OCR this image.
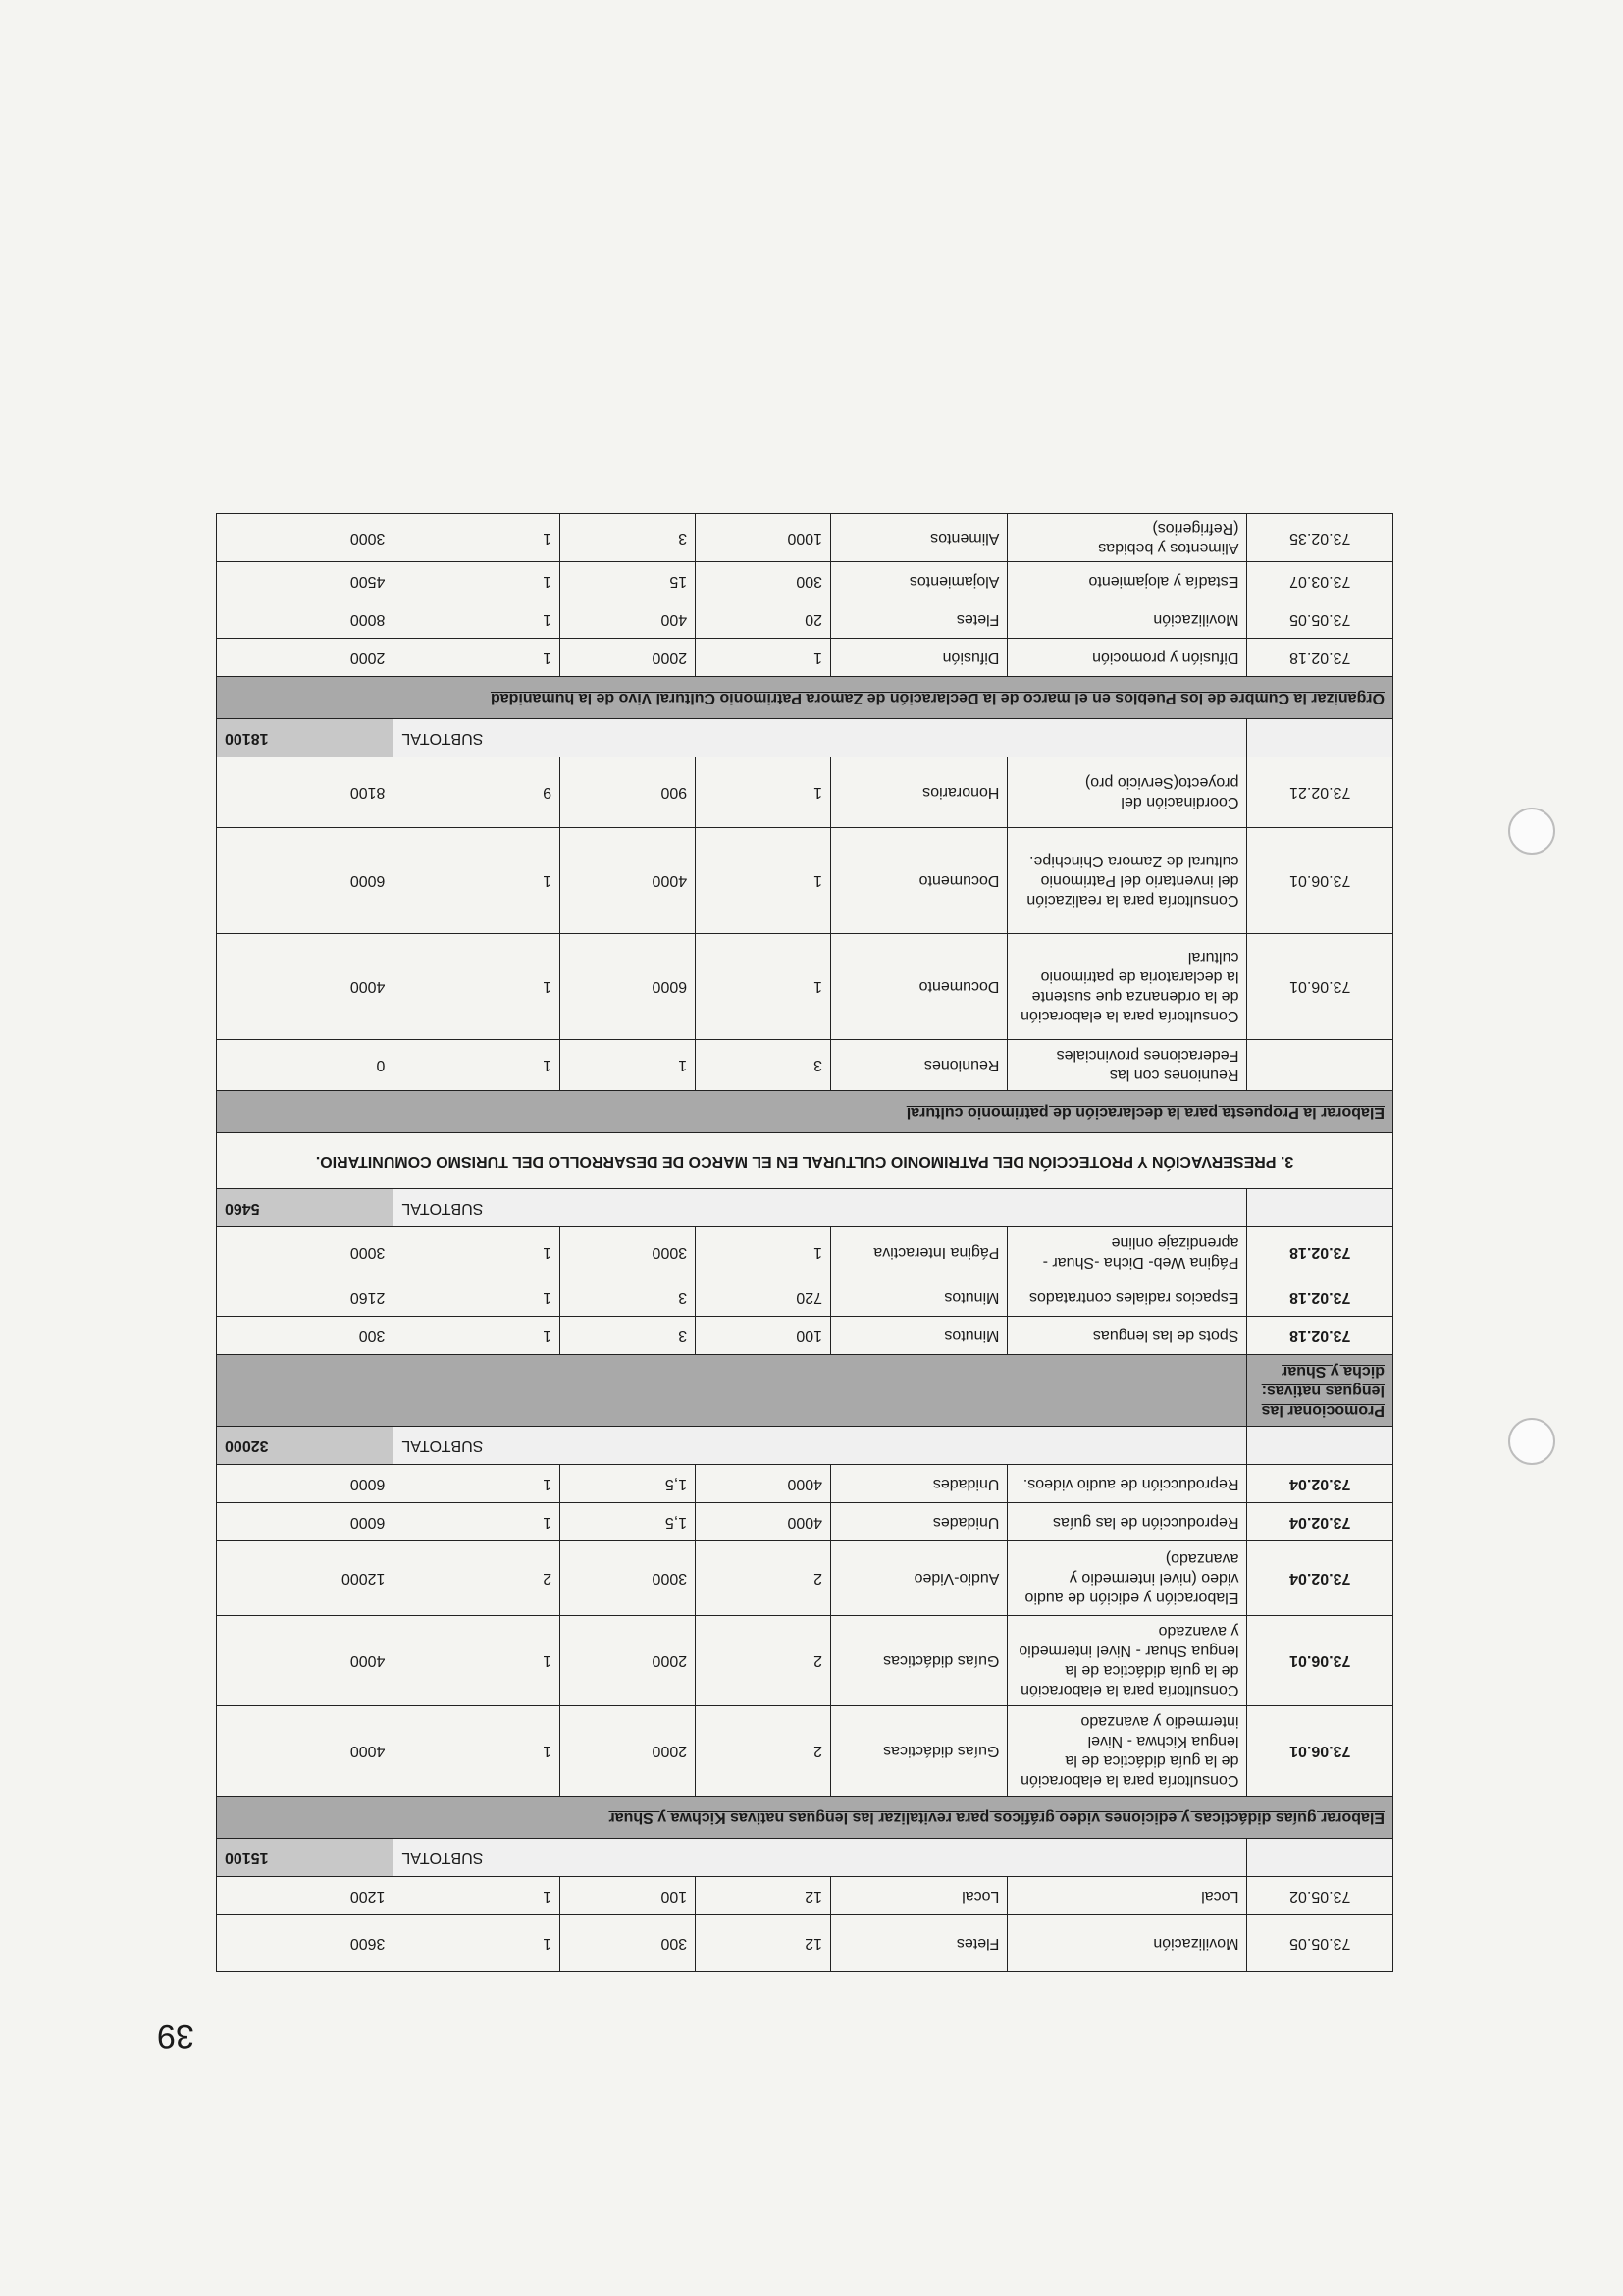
39
73.05.05	Movilización	Fletes	12	300	1	3600
73.05.02	Local	Local	12	100	1	1200
	SUBTOTAL					15100
Elaborar guías didácticas y ediciones video gráficos para revitalizar las lenguas nativas Kichwa y Shuar						
73.06.01	Consultoría para la elaboración de la guía didáctica de la lengua Kichwa - Nivel intermedio y avanzado	Guías didácticas	2	2000	1	4000
73.06.01	Consultoría para la elaboración de la guía didáctica de la lengua Shuar - Nivel intermedio y avanzado	Guías didácticas	2	2000	1	4000
73.02.04	Elaboración y edición de audio video (nivel intermedio y avanzado)	Audio-Video	2	3000	2	12000
73.02.04	Reproducción de las guías	Unidades	4000	1,5	1	6000
73.02.04	Reproducción de audio videos.	Unidades	4000	1,5	1	6000
	SUBTOTAL					32000
Promocionar las lenguas nativas: dicha y Shuar						
73.02.18	Spots de las lenguas	Minutos	100	3	1	300
73.02.18	Espacios radiales contratados	Minutos	720	3	1	2160
73.02.18	Página Web- Dicha -Shuar - aprendizaje online	Página Interactiva	1	3000	1	3000
	SUBTOTAL					5460
3. PRESERVACIÓN Y PROTECCIÓN DEL PATRIMONIO CULTURAL EN EL MARCO DE DESARROLLO DEL TURISMO COMUNITARIO.						
Elaborar la Propuesta para la declaración de patrimonio cultural						
	Reuniones con las Federaciones provinciales	Reuniones	3	1	1	0
73.06.01	Consultoría para la elaboración de la ordenanza que sustente la declaratoria de patrimonio cultural	Documento	1	6000	1	4000
73.06.01	Consultoría para la realización del inventario del Patrimonio cultural de Zamora Chinchipe.	Documento	1	4000	1	6000
73.02.21	Coordinación del proyecto(Servicio pro)	Honorarios	1	900	9	8100
	SUBTOTAL					18100
Organizar la Cumbre de los Pueblos en el marco de la Declaración de Zamora Patrimonio Cultural Vivo de la humanidad						
73.02.18	Difusión y promoción	Difusión	1	2000	1	2000
73.05.05	Movilización	Fletes	20	400	1	8000
73.03.07	Estadía y alojamiento	Alojamientos	300	15	1	4500
73.02.35	Alimentos y bebidas (Refrigerios)	Alimentos	1000	3	1	3000
